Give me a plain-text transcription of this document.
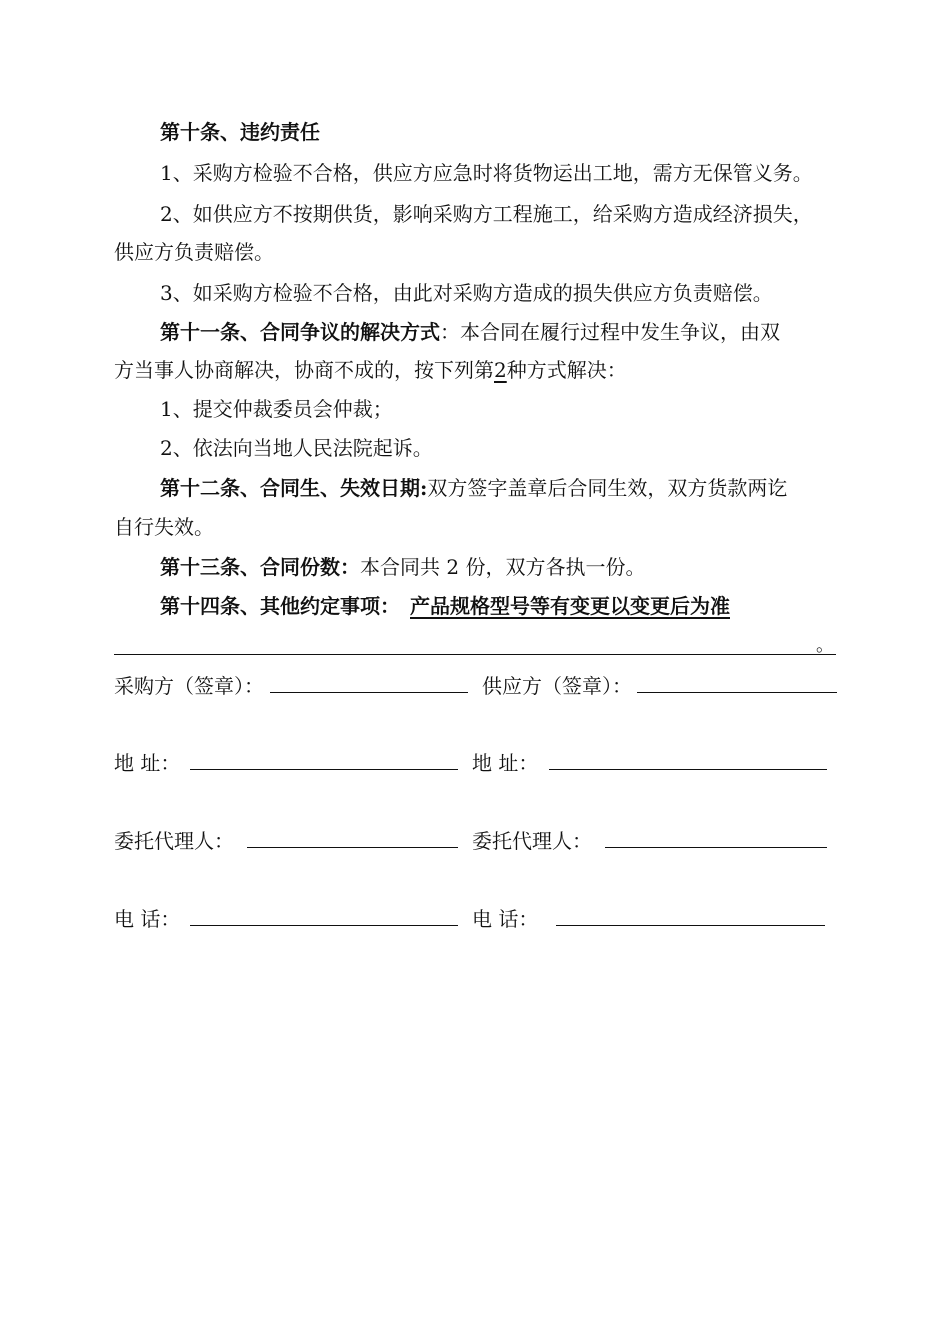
第十条、违约责任
1、采购方检验不合格，供应方应急时将货物运出工地，需方无保管义务。
2、如供应方不按期供货，影响采购方工程施工，给采购方造成经济损失，
供应方负责赔偿。
3、如采购方检验不合格，由此对采购方造成的损失供应方负责赔偿。
第十一条、合同争议的解决方式：本合同在履行过程中发生争议，由双
方当事人协商解决，协商不成的，按下列第2种方式解决：
1、提交仲裁委员会仲裁；
2、依法向当地人民法院起诉。
第十二条、合同生、失效日期:双方签字盖章后合同生效，双方货款两讫
自行失效。
第十三条、合同份数：本合同共 2 份，双方各执一份。
第十四条、其他约定事项： 产品规格型号等有变更以变更后为准
。
采购方（签章）：	供应方（签章）：
地 址：	地 址：
委托代理人：	委托代理人：
电 话：	电 话：
